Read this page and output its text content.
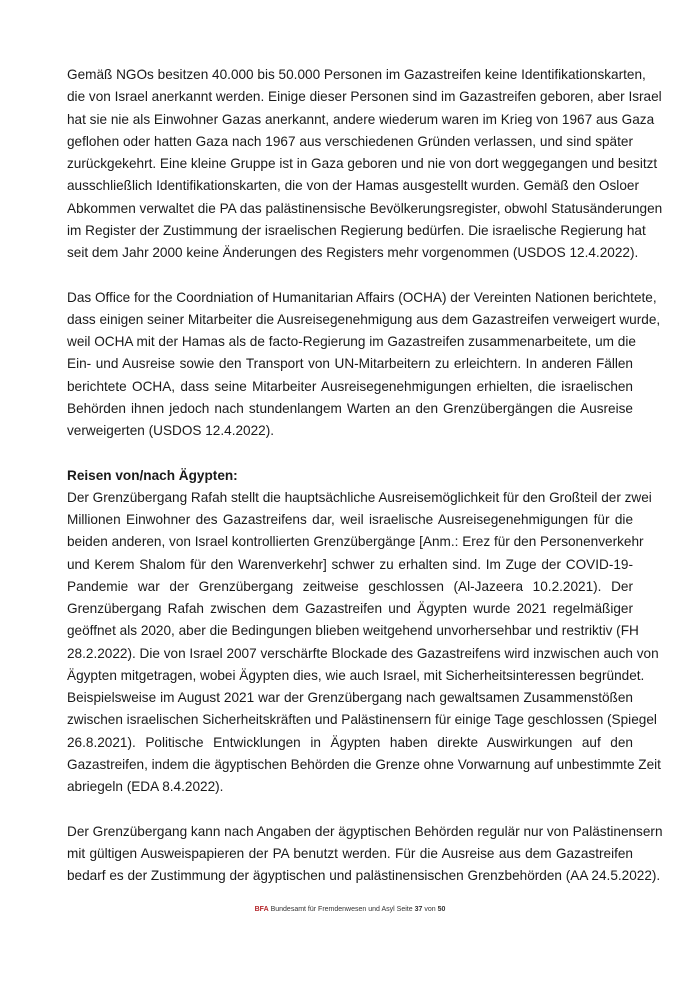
Gemäß NGOs besitzen 40.000 bis 50.000 Personen im Gazastreifen keine Identifikationskarten,
die von Israel anerkannt werden. Einige dieser Personen sind im Gazastreifen geboren, aber Israel
hat sie nie als Einwohner Gazas anerkannt, andere wiederum waren im Krieg von 1967 aus Gaza
geflohen oder hatten Gaza nach 1967 aus verschiedenen Gründen verlassen, und sind später
zurückgekehrt. Eine kleine Gruppe ist in Gaza geboren und nie von dort weggegangen und besitzt
ausschließlich Identifikationskarten, die von der Hamas ausgestellt wurden. Gemäß den Osloer
Abkommen verwaltet die PA das palästinensische Bevölkerungsregister, obwohl Statusänderungen
im Register der Zustimmung der israelischen Regierung bedürfen. Die israelische Regierung hat
seit dem Jahr 2000 keine Änderungen des Registers mehr vorgenommen (USDOS 12.4.2022).
Das Office for the Coordniation of Humanitarian Affairs (OCHA) der Vereinten Nationen berichtete,
dass einigen seiner Mitarbeiter die Ausreisegenehmigung aus dem Gazastreifen verweigert wurde,
weil OCHA mit der Hamas als de facto-Regierung im Gazastreifen zusammenarbeitete, um die
Ein- und Ausreise sowie den Transport von UN-Mitarbeitern zu erleichtern. In anderen Fällen
berichtete OCHA, dass seine Mitarbeiter Ausreisegenehmigungen erhielten, die israelischen
Behörden ihnen jedoch nach stundenlangem Warten an den Grenzübergängen die Ausreise
verweigerten (USDOS 12.4.2022).
Reisen von/nach Ägypten:
Der Grenzübergang Rafah stellt die hauptsächliche Ausreisemöglichkeit für den Großteil der zwei
Millionen Einwohner des Gazastreifens dar, weil israelische Ausreisegenehmigungen für die
beiden anderen, von Israel kontrollierten Grenzübergänge [Anm.: Erez für den Personenverkehr
und Kerem Shalom für den Warenverkehr] schwer zu erhalten sind. Im Zuge der COVID-19-
Pandemie war der Grenzübergang zeitweise geschlossen (Al-Jazeera 10.2.2021). Der
Grenzübergang Rafah zwischen dem Gazastreifen und Ägypten wurde 2021 regelmäßiger
geöffnet als 2020, aber die Bedingungen blieben weitgehend unvorhersehbar und restriktiv (FH
28.2.2022). Die von Israel 2007 verschärfte Blockade des Gazastreifens wird inzwischen auch von
Ägypten mitgetragen, wobei Ägypten dies, wie auch Israel, mit Sicherheitsinteressen begründet.
Beispielsweise im August 2021 war der Grenzübergang nach gewaltsamen Zusammenstößen
zwischen israelischen Sicherheitskräften und Palästinensern für einige Tage geschlossen (Spiegel
26.8.2021). Politische Entwicklungen in Ägypten haben direkte Auswirkungen auf den
Gazastreifen, indem die ägyptischen Behörden die Grenze ohne Vorwarnung auf unbestimmte Zeit
abriegeln (EDA 8.4.2022).
Der Grenzübergang kann nach Angaben der ägyptischen Behörden regulär nur von Palästinensern
mit gültigen Ausweispapieren der PA benutzt werden. Für die Ausreise aus dem Gazastreifen
bedarf es der Zustimmung der ägyptischen und palästinensischen Grenzbehörden (AA 24.5.2022).
BFA Bundesamt für Fremdenwesen und Asyl Seite 37 von 50
